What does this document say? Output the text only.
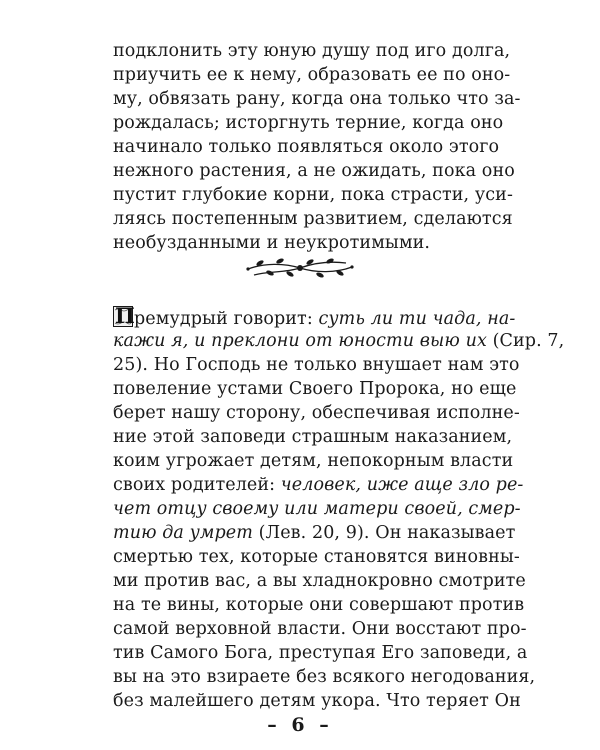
подклонить эту юную душу под иго долга,
приучить ее к нему, образовать ее по оно-
му, обвязать рану, когда она только что за-
рождалась; исторгнуть терние, когда оно
начинало только появляться около этого
нежного растения, а не ожидать, пока оно
пустит глубокие корни, пока страсти, уси-
ляясь постепенным развитием, сделаются
необузданными и неукротимыми.
П ремудрый говорит: суть ли ти чада, на-
кажи я, и преклони от юности выю их (Сир. 7,
25). Но Господь не только внушает нам это
повеление устами Своего Пророка, но еще
берет нашу сторону, обеспечивая исполне-
ние этой заповеди страшным наказанием,
коим угрожает детям, непокорным власти
своих родителей: человек, иже аще зло ре-
чет отцу своему или матери своей, смер-
тию да умрет (Лев. 20, 9). Он наказывает
смертью тех, которые становятся виновны-
ми против вас, а вы хладнокровно смотрите
на те вины, которые они совершают против
самой верховной власти. Они восстают про-
тив Самого Бога, преступая Его заповеди, а
вы на это взираете без всякого негодования,
без малейшего детям укора. Что теряет Он
– 6 –
